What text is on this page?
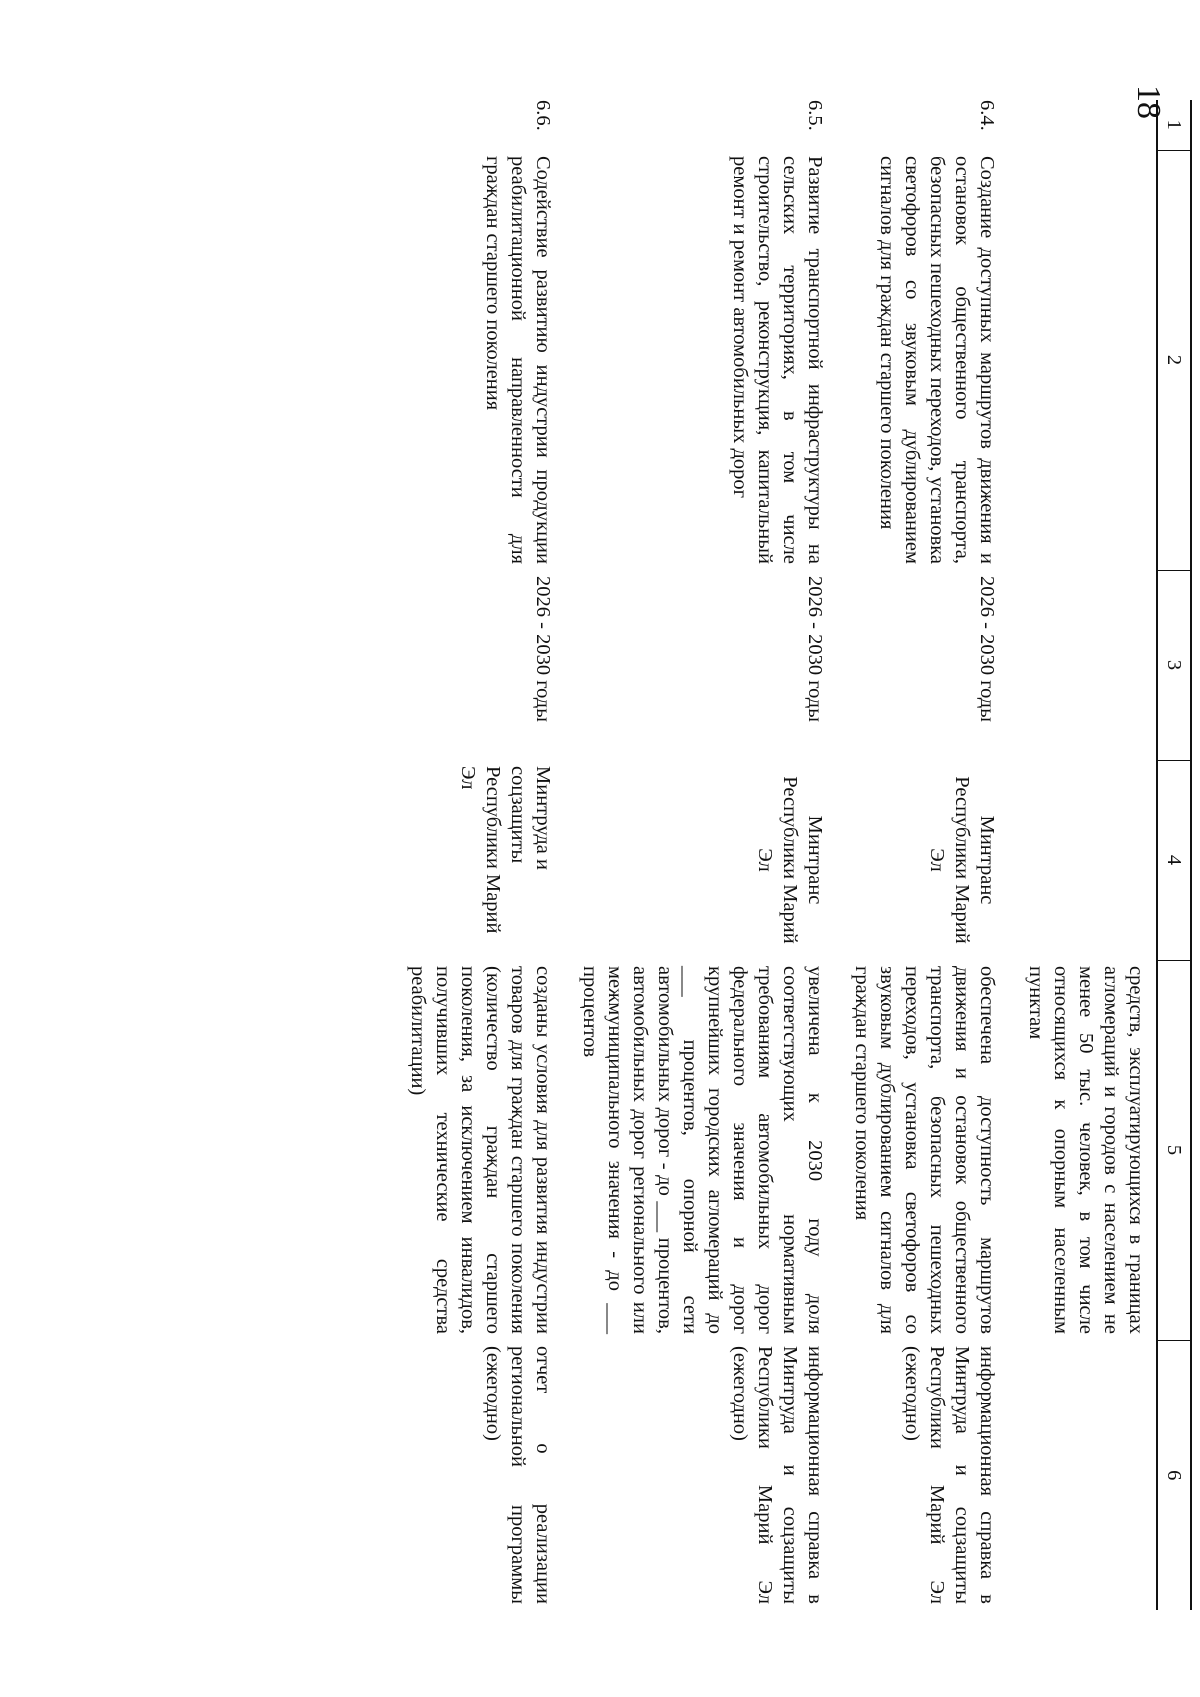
18
1	2	3	4	5	6
				средств, эксплуатирующихся в границах агломераций и городов с населением не менее 50 тыс. человек, в том числе относящихся к опорным населенным пунктам	
6.4.	Создание доступных маршрутов движения и остановок общественного транспорта, безопасных пешеходных переходов, установка светофоров со звуковым дублированием сигналов для граждан старшего поколения	2026 - 2030 годы	Минтранс Республики Марий Эл	обеспечена доступность маршрутов движения и остановок общественного транспорта, безопасных пешеходных переходов, установка светофоров со звуковым дублированием сигналов для граждан старшего поколения	информационная справка в Минтруда и соцзащиты Республики Марий Эл (ежегодно)
6.5.	Развитие транспортной инфраструктуры на сельских территориях, в том числе строительство, реконструкция, капитальный ремонт и ремонт автомобильных дорог	2026 - 2030 годы	Минтранс Республики Марий Эл	увеличена к 2030 году доля соответствующих нормативным требованиям автомобильных дорог федерального значения и дорог крупнейших городских агломераций до ___ процентов, опорной сети автомобильных дорог - до ___ процентов, автомобильных дорог регионального или межмуниципального значения - до ___ процентов	информационная справка в Минтруда и соцзащиты Республики Марий Эл (ежегодно)
6.6.	Содействие развитию индустрии продукции реабилитационной направленности для граждан старшего поколения	2026 - 2030 годы	Минтруда и соцзащиты Республики Марий Эл	созданы условия для развития индустрии товаров для граждан старшего поколения (количество граждан старшего поколения, за исключением инвалидов, получивших технические средства реабилитации)	отчет о реализации региональной программы (ежегодно)
